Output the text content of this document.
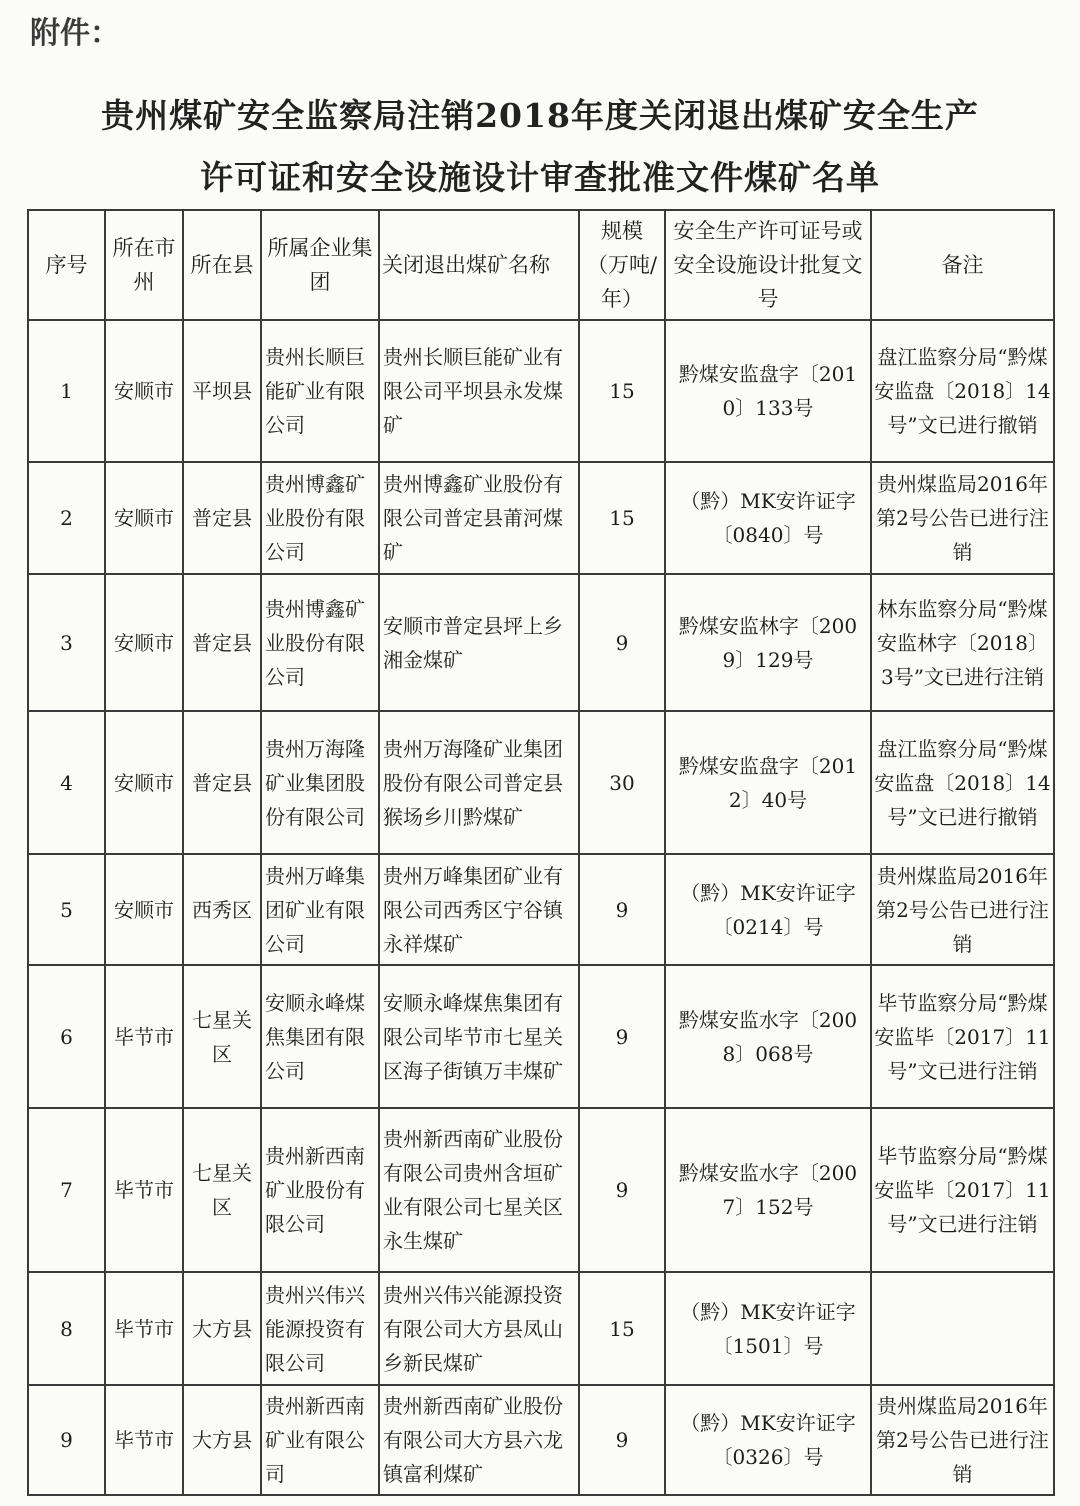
附件：
贵州煤矿安全监察局注销2018年度关闭退出煤矿安全生产
许可证和安全设施设计审查批准文件煤矿名单
序号	所在市州	所在县	所属企业集团	关闭退出煤矿名称	规模（万吨/年）	安全生产许可证号或安全设施设计批复文号	备注
1	安顺市	平坝县	贵州长顺巨能矿业有限公司	贵州长顺巨能矿业有限公司平坝县永发煤矿	15	黔煤安监盘字〔2010〕133号	盘江监察分局“黔煤安监盘〔2018〕14号”文已进行撤销
2	安顺市	普定县	贵州博鑫矿业股份有限公司	贵州博鑫矿业股份有限公司普定县莆河煤矿	15	（黔）MK安许证字〔0840〕号	贵州煤监局2016年第2号公告已进行注销
3	安顺市	普定县	贵州博鑫矿业股份有限公司	安顺市普定县坪上乡湘金煤矿	9	黔煤安监林字〔2009〕129号	林东监察分局“黔煤安监林字〔2018〕3号”文已进行注销
4	安顺市	普定县	贵州万海隆矿业集团股份有限公司	贵州万海隆矿业集团股份有限公司普定县猴场乡川黔煤矿	30	黔煤安监盘字〔2012〕40号	盘江监察分局“黔煤安监盘〔2018〕14号”文已进行撤销
5	安顺市	西秀区	贵州万峰集团矿业有限公司	贵州万峰集团矿业有限公司西秀区宁谷镇永祥煤矿	9	（黔）MK安许证字〔0214〕号	贵州煤监局2016年第2号公告已进行注销
6	毕节市	七星关区	安顺永峰煤焦集团有限公司	安顺永峰煤焦集团有限公司毕节市七星关区海子街镇万丰煤矿	9	黔煤安监水字〔2008〕068号	毕节监察分局“黔煤安监毕〔2017〕11号”文已进行注销
7	毕节市	七星关区	贵州新西南矿业股份有限公司	贵州新西南矿业股份有限公司贵州含垣矿业有限公司七星关区永生煤矿	9	黔煤安监水字〔2007〕152号	毕节监察分局“黔煤安监毕〔2017〕11号”文已进行注销
8	毕节市	大方县	贵州兴伟兴能源投资有限公司	贵州兴伟兴能源投资有限公司大方县凤山乡新民煤矿	15	（黔）MK安许证字〔1501〕号	
9	毕节市	大方县	贵州新西南矿业有限公司	贵州新西南矿业股份有限公司大方县六龙镇富利煤矿	9	（黔）MK安许证字〔0326〕号	贵州煤监局2016年第2号公告已进行注销
